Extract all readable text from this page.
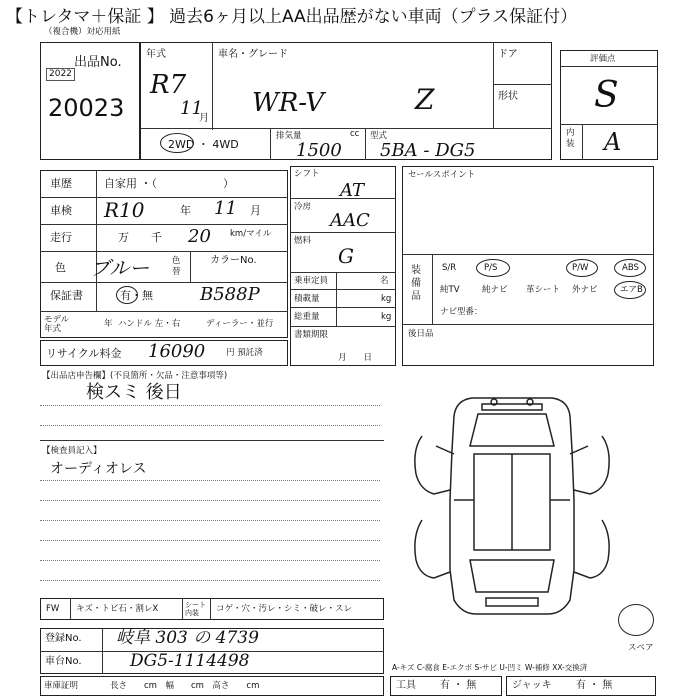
【トレタマ＋保証 】 過去6ヶ月以上AA出品歴がない車両（プラス保証付）
（複合機）対応用紙
出品No.
2022
20023
年式
R7
11
月
車名・グレード
WR-V	Z
ドア
形状
2WD ・ 4WD
排気量	cc
1500
型式
5BA - DG5
評価点
S
内装 A
車歴	自家用 ・（　　　　　　）
車検 R10	年 11 月
走行	万　　千 20 km/マイル
色 ブルー	色替
カラーNo.
保証書	有・無	B588P
モデル年式	年 ハンドル 左・右	ディーラー・並行
リサイクル料金 16090 円 預託済
シフト
AT
冷房
AAC
燃料
G
乗車定員	名
積載量	kg
総重量	kg
書類期限
月　　日
セールスポイント
装備品
S/R	P/S	P/W	ABS
純TV	純ナビ 革シート 外ナビ	エアB
ナビ型番：
後日品
【出品店申告欄】(不良箇所・欠品・注意事項等)
検スミ 後日
【検査員記入】
オーディオレス
FW キズ・トビ石・割レX	シート内装	コゲ・穴・汚レ・シミ・破レ・スレ
スペア
A-キズ C-腐食 E-エクボ S-サビ U-凹ミ W-補修 XX-交換済
登録No. 岐阜 303 の 4739
車台No.	DG5-1114498
車庫証明	長さ　　cm　幅　　cm　高さ　　cm	工具 有 ・ 無	ジャッキ 有 ・ 無
